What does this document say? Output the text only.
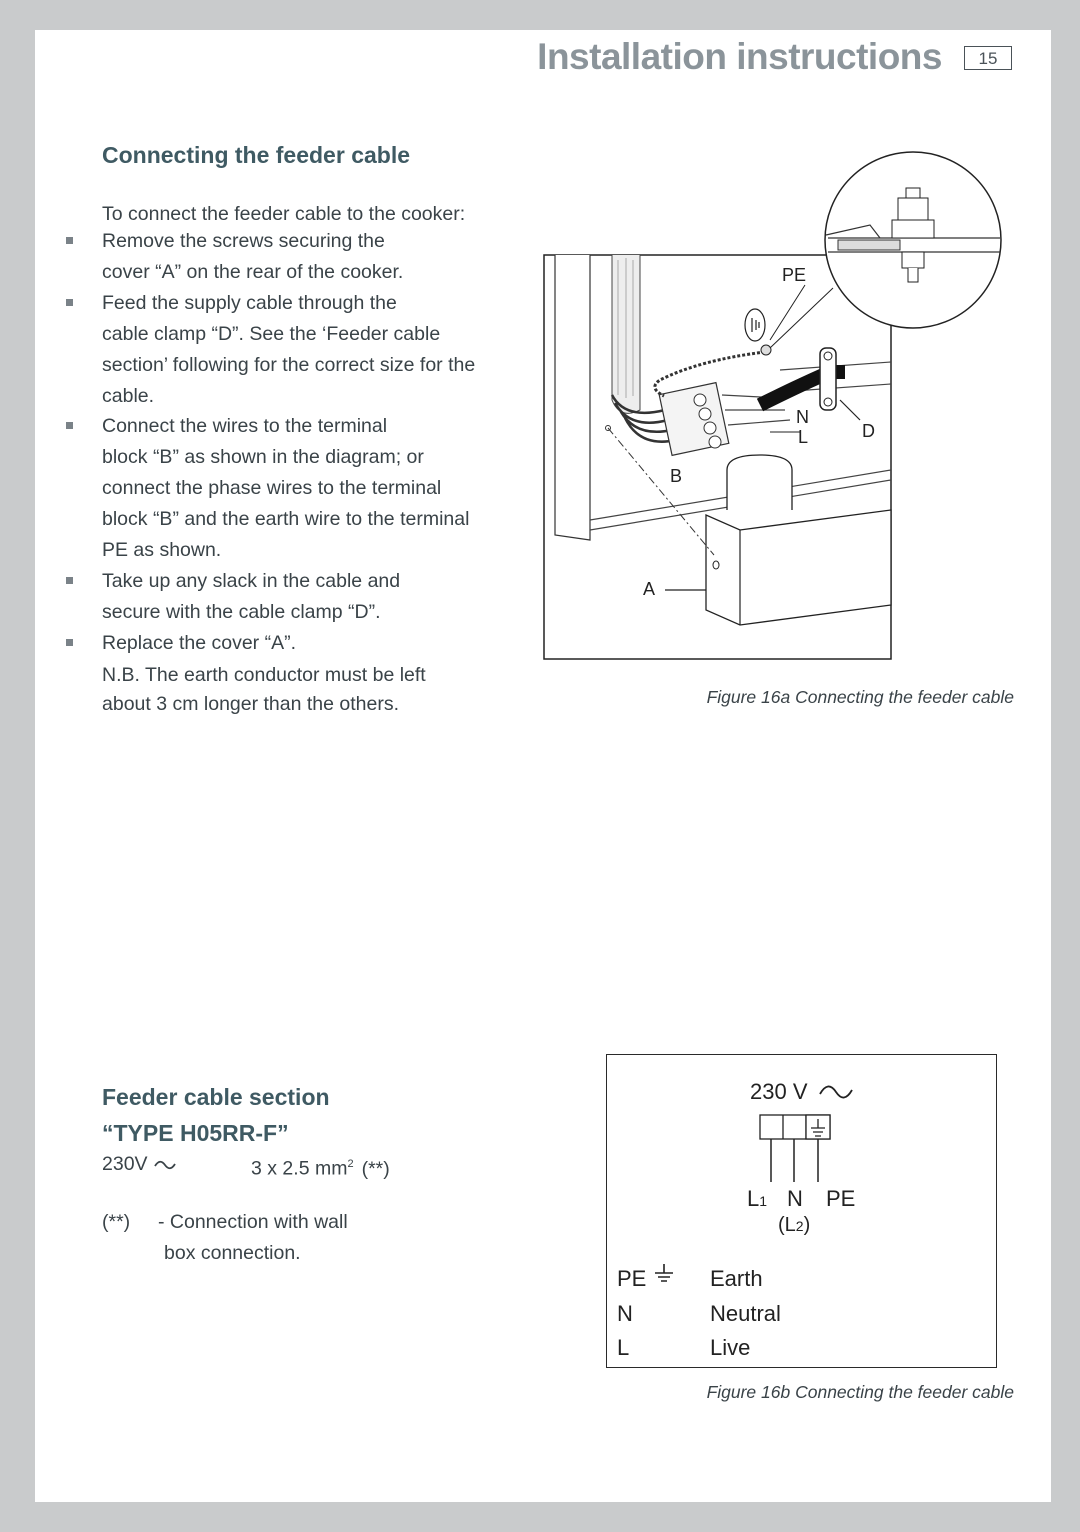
Installation instructions	15
Connecting the feeder cable
To connect the feeder cable to the cooker:
Remove the screws securing the
cover “A” on the rear of the cooker.
Feed the supply cable through the
cable clamp “D”. See the ‘Feeder cable
section’ following for the correct size for the
cable.
Connect the wires to the terminal
block “B” as shown in the diagram; or
connect the phase wires to the terminal
block “B” and the earth wire to the terminal
PE as shown.
Take up any slack in the cable and
secure with the cable clamp “D”.
Replace the cover “A”.
N.B. The earth conductor must be left
about 3 cm longer than the others.
PE
N
L	D
B
A
Figure 16a Connecting the feeder cable
Feeder cable section
“TYPE H05RR-F”
230V	3 x 2.5 $mm^2$ (**)
(**) - Connection with wall
box connection.
230 V
L1 N PE
(L2)
PE	Earth
N	Neutral
L	Live
Figure 16b Connecting the feeder cable
